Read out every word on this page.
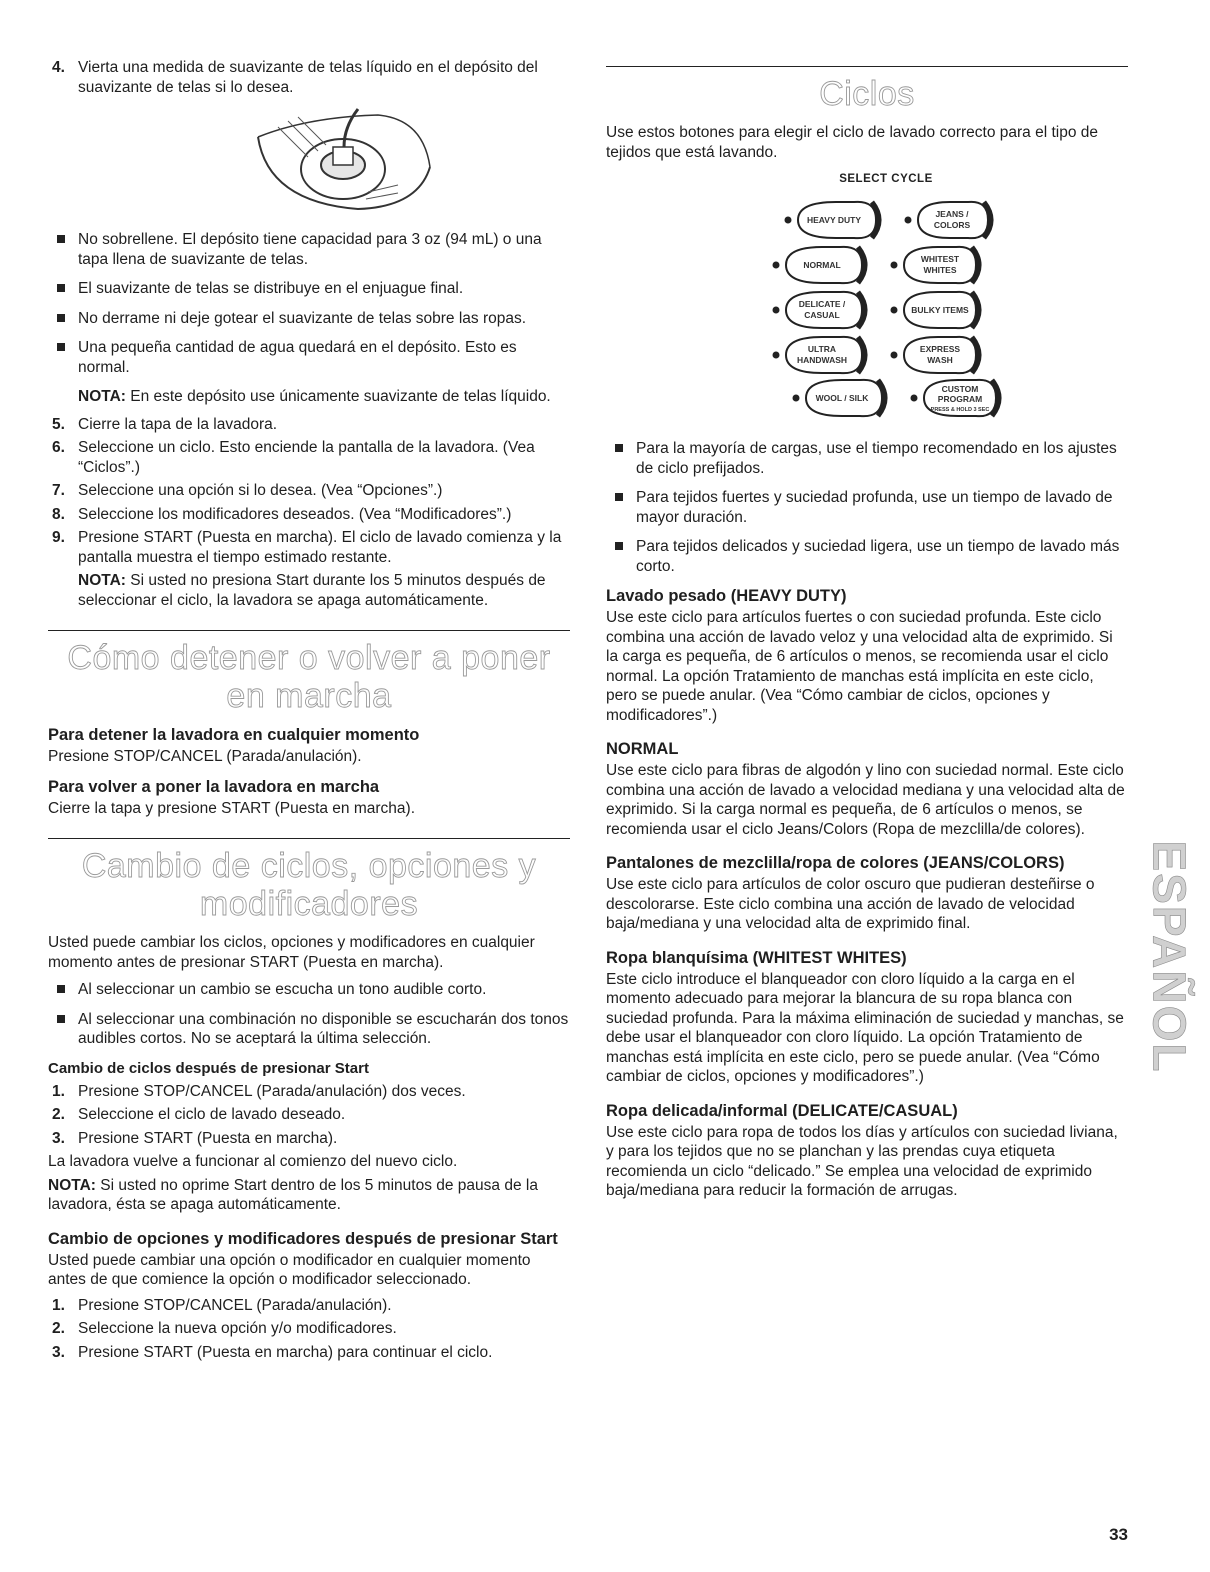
4. Vierta una medida de suavizante de telas líquido en el depósito del suavizante de telas si lo desea.
No sobrellene. El depósito tiene capacidad para 3 oz (94 mL) o una tapa llena de suavizante de telas.
El suavizante de telas se distribuye en el enjuague final.
No derrame ni deje gotear el suavizante de telas sobre las ropas.
Una pequeña cantidad de agua quedará en el depósito. Esto es normal.

NOTA: En este depósito use únicamente suavizante de telas líquido.

5. Cierre la tapa de la lavadora.
6. Seleccione un ciclo. Esto enciende la pantalla de la lavadora. (Vea “Ciclos”.)
7. Seleccione una opción si lo desea. (Vea “Opciones”.)
8. Seleccione los modificadores deseados. (Vea “Modificadores”.)
9. Presione START (Puesta en marcha). El ciclo de lavado comienza y la pantalla muestra el tiempo estimado restante.

NOTA: Si usted no presiona Start durante los 5 minutos después de seleccionar el ciclo, la lavadora se apaga automáticamente.

Cómo detener o volver a poner en marcha
Para detener la lavadora en cualquier momento

Presione STOP/CANCEL (Parada/anulación).

Para volver a poner la lavadora en marcha

Cierre la tapa y presione START (Puesta en marcha).

Cambio de ciclos, opciones y modificadores

Usted puede cambiar los ciclos, opciones y modificadores en cualquier momento antes de presionar START (Puesta en marcha).

Al seleccionar un cambio se escucha un tono audible corto.
Al seleccionar una combinación no disponible se escucharán dos tonos audibles cortos. No se aceptará la última selección.
Cambio de ciclos después de presionar Start
1. Presione STOP/CANCEL (Parada/anulación) dos veces.
2. Seleccione el ciclo de lavado deseado.
3. Presione START (Puesta en marcha).

La lavadora vuelve a funcionar al comienzo del nuevo ciclo.

NOTA: Si usted no oprime Start dentro de los 5 minutos de pausa de la lavadora, ésta se apaga automáticamente.

Cambio de opciones y modificadores después de presionar Start

Usted puede cambiar una opción o modificador en cualquier momento antes de que comience la opción o modificador seleccionado.

1. Presione STOP/CANCEL (Parada/anulación).
2. Seleccione la nueva opción y/o modificadores.
3. Presione START (Puesta en marcha) para continuar el ciclo.
Ciclos

Use estos botones para elegir el ciclo de lavado correcto para el tipo de tejidos que está lavando.

SELECT CYCLE
HEAVY DUTY
JEANS /
COLORS
NORMAL
WHITEST
WHITES
DELICATE /
CASUAL	BULKY ITEMS
ULTRA
HANDWASH
EXPRESS
WASH
WOOL / SILK
CUSTOM
PROGRAM
PRESS & HOLD 3 SEC
Para la mayoría de cargas, use el tiempo recomendado en los ajustes de ciclo prefijados.
Para tejidos fuertes y suciedad profunda, use un tiempo de lavado de mayor duración.
Para tejidos delicados y suciedad ligera, use un tiempo de lavado más corto.
Lavado pesado (HEAVY DUTY)

Use este ciclo para artículos fuertes o con suciedad profunda. Este ciclo combina una acción de lavado veloz y una velocidad alta de exprimido. Si la carga es pequeña, de 6 artículos o menos, se recomienda usar el ciclo normal. La opción Tratamiento de manchas está implícita en este ciclo, pero se puede anular. (Vea “Cómo cambiar de ciclos, opciones y modificadores”.)

NORMAL

Use este ciclo para fibras de algodón y lino con suciedad normal. Este ciclo combina una acción de lavado a velocidad mediana y una velocidad alta de exprimido. Si la carga normal es pequeña, de 6 artículos o menos, se recomienda usar el ciclo Jeans/Colors (Ropa de mezclilla/de colores).

Pantalones de mezclilla/ropa de colores (JEANS/COLORS)

Use este ciclo para artículos de color oscuro que pudieran desteñirse o descolorarse. Este ciclo combina una acción de lavado de velocidad baja/mediana y una velocidad alta de exprimido final.

Ropa blanquísima (WHITEST WHITES)

Este ciclo introduce el blanqueador con cloro líquido a la carga en el momento adecuado para mejorar la blancura de su ropa blanca con suciedad profunda. Para la máxima eliminación de suciedad y manchas, se debe usar el blanqueador con cloro líquido. La opción Tratamiento de manchas está implícita en este ciclo, pero se puede anular. (Vea “Cómo cambiar de ciclos, opciones y modificadores”.)

Ropa delicada/informal (DELICATE/CASUAL)

Use este ciclo para ropa de todos los días y artículos con suciedad liviana, y para los tejidos que no se planchan y las prendas cuya etiqueta recomienda un ciclo “delicado.” Se emplea una velocidad de exprimido baja/mediana para reducir la formación de arrugas.

ESPAÑOL
33
